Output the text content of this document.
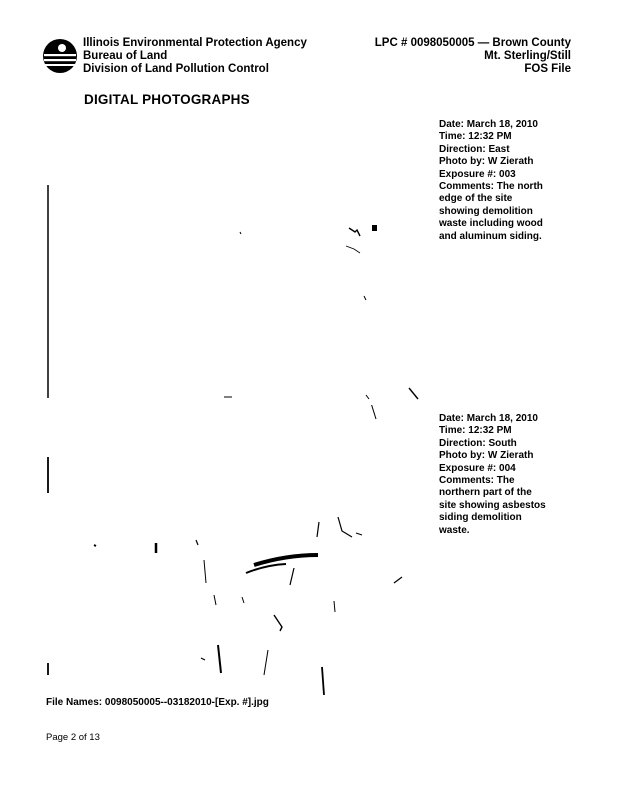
Illinois Environmental Protection Agency
Bureau of Land
Division of Land Pollution Control
LPC # 0098050005 — Brown County
Mt. Sterling/Still
FOS File
DIGITAL PHOTOGRAPHS
Date: March 18, 2010
Time: 12:32 PM
Direction: East
Photo by: W Zierath
Exposure #: 003
Comments: The north
edge of the site
showing demolition
waste including wood
and aluminum siding.
Date: March 18, 2010
Time: 12:32 PM
Direction: South
Photo by: W Zierath
Exposure #: 004
Comments: The
northern part of the
site showing asbestos
siding demolition
waste.
File Names: 0098050005--03182010-[Exp. #].jpg
Page 2 of 13
